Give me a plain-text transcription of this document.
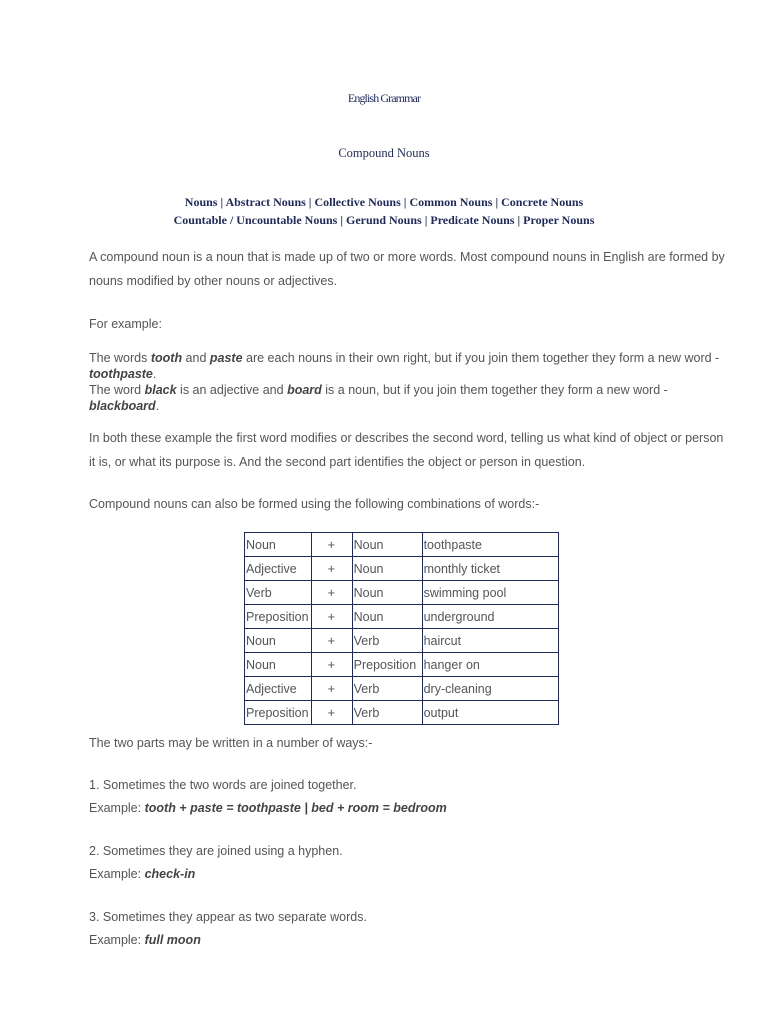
English Grammar
Compound Nouns
Nouns | Abstract Nouns | Collective Nouns | Common Nouns | Concrete Nouns
Countable / Uncountable Nouns | Gerund Nouns | Predicate Nouns | Proper Nouns
A compound noun is a noun that is made up of two or more words. Most compound nouns in English are formed by nouns modified by other nouns or adjectives.
For example:
The words tooth and paste are each nouns in their own right, but if you join them together they form a new word - toothpaste.
The word black is an adjective and board is a noun, but if you join them together they form a new word - blackboard.
In both these example the first word modifies or describes the second word, telling us what kind of object or person it is, or what its purpose is. And the second part identifies the object or person in question.
Compound nouns can also be formed using the following combinations of words:-
Noun	+	Noun	toothpaste
Adjective	+	Noun	monthly ticket
Verb	+	Noun	swimming pool
Preposition	+	Noun	underground
Noun	+	Verb	haircut
Noun	+	Preposition	hanger on
Adjective	+	Verb	dry-cleaning
Preposition	+	Verb	output
The two parts may be written in a number of ways:-
1. Sometimes the two words are joined together.
Example: tooth + paste = toothpaste | bed + room = bedroom
2. Sometimes they are joined using a hyphen.
Example: check-in
3. Sometimes they appear as two separate words.
Example: full moon
